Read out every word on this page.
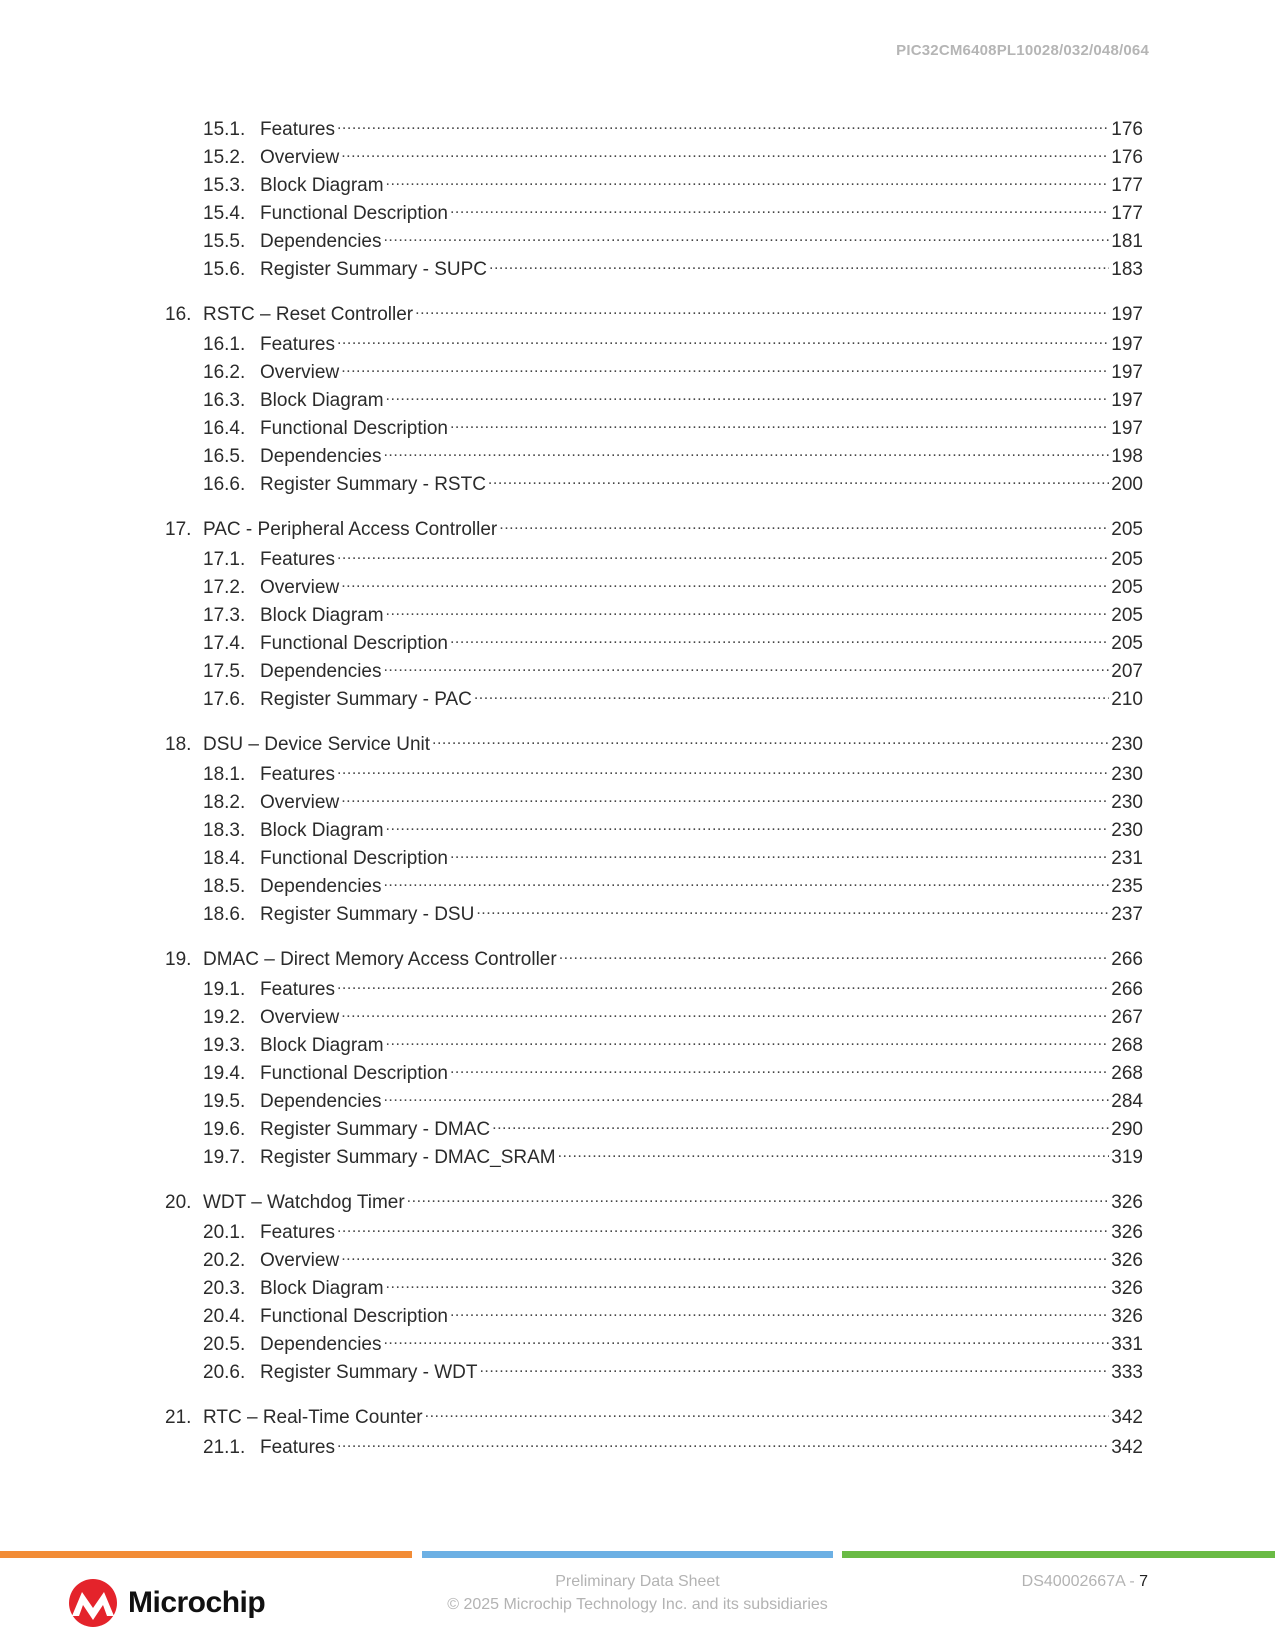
PIC32CM6408PL10028/032/048/064
15.1. Features .....	176
15.2. Overview .....	176
15.3. Block Diagram .....	177
15.4. Functional Description .....	177
15.5. Dependencies .....	181
15.6. Register Summary - SUPC .....	183
16. RSTC – Reset Controller .....	197
16.1. Features .....	197
16.2. Overview .....	197
16.3. Block Diagram .....	197
16.4. Functional Description .....	197
16.5. Dependencies .....	198
16.6. Register Summary - RSTC .....	200
17. PAC - Peripheral Access Controller .....	205
17.1. Features .....	205
17.2. Overview .....	205
17.3. Block Diagram .....	205
17.4. Functional Description .....	205
17.5. Dependencies .....	207
17.6. Register Summary - PAC .....	210
18. DSU – Device Service Unit .....	230
18.1. Features .....	230
18.2. Overview .....	230
18.3. Block Diagram .....	230
18.4. Functional Description .....	231
18.5. Dependencies .....	235
18.6. Register Summary - DSU .....	237
19. DMAC – Direct Memory Access Controller .....	266
19.1. Features .....	266
19.2. Overview .....	267
19.3. Block Diagram .....	268
19.4. Functional Description .....	268
19.5. Dependencies .....	284
19.6. Register Summary - DMAC .....	290
19.7. Register Summary - DMAC_SRAM .....	319
20. WDT – Watchdog Timer .....	326
20.1. Features .....	326
20.2. Overview .....	326
20.3. Block Diagram .....	326
20.4. Functional Description .....	326
20.5. Dependencies .....	331
20.6. Register Summary - WDT .....	333
21. RTC – Real-Time Counter .....	342
21.1. Features .....	342
Microchip
Preliminary Data Sheet
© 2025 Microchip Technology Inc. and its subsidiaries
DS40002667A - 7
